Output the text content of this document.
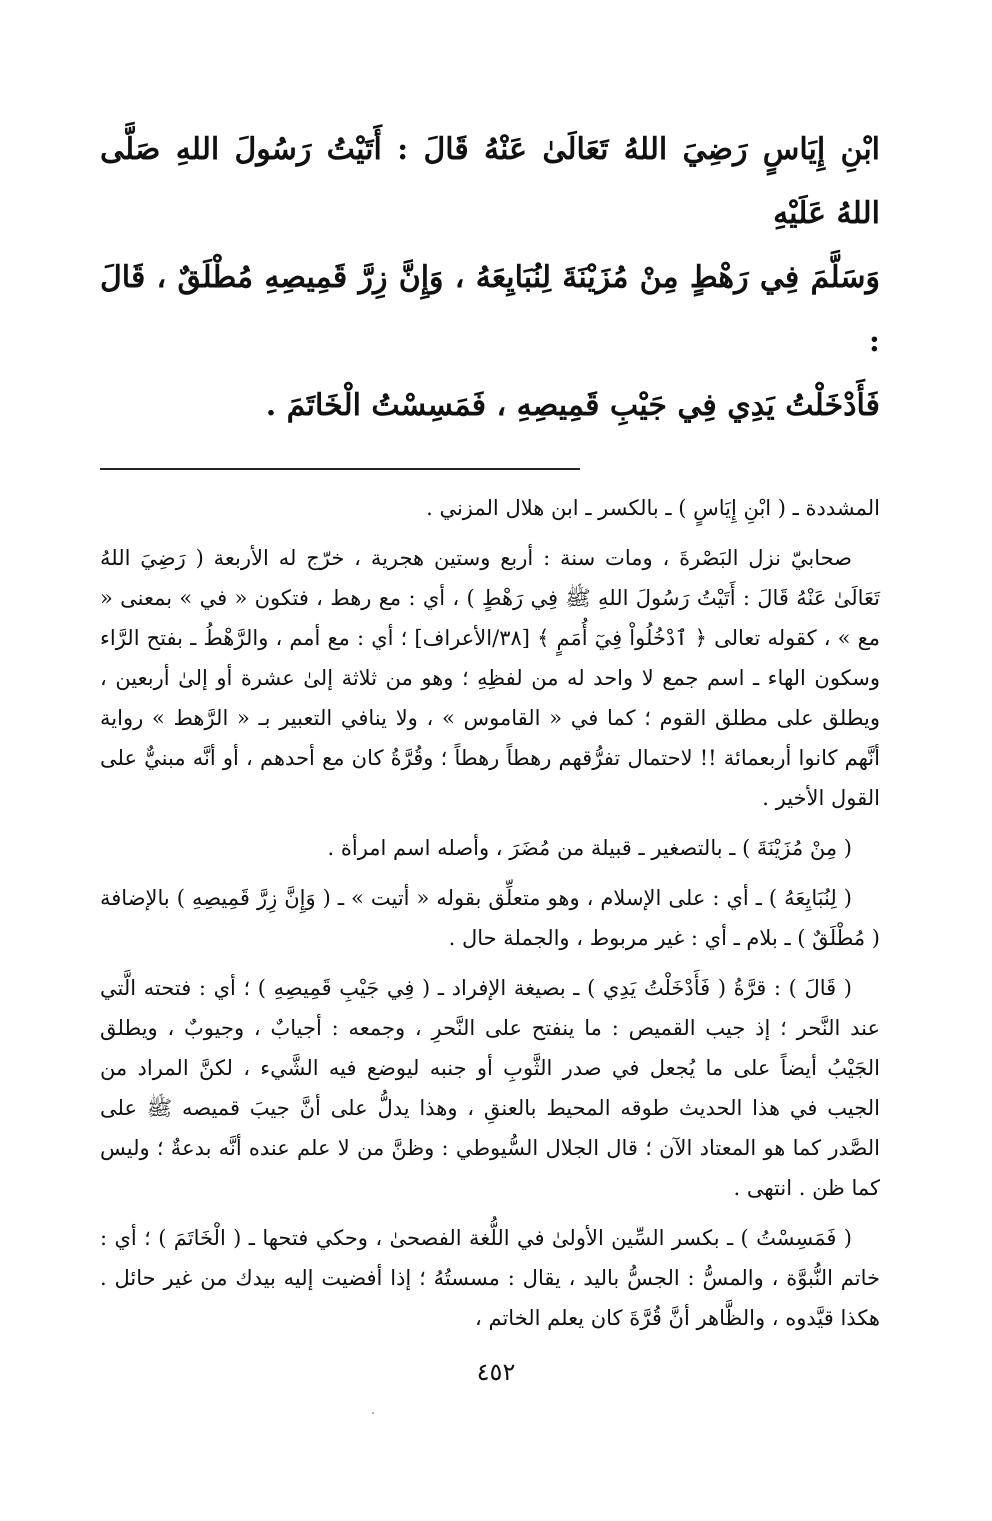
ابْنِ إِيَاسٍ رَضِيَ اللهُ تَعَالَىٰ عَنْهُ قَالَ : أَتَيْتُ رَسُولَ اللهِ صَلَّى اللهُ عَلَيْهِ

وَسَلَّمَ فِي رَهْطٍ مِنْ مُزَيْنَةَ لِنُبَايِعَهُ ، وَإِنَّ زِرَّ قَمِيصِهِ مُطْلَقٌ ، قَالَ :

فَأَدْخَلْتُ يَدِي فِي جَيْبِ قَمِيصِهِ ، فَمَسِسْتُ الْخَاتَمَ .

المشددة ـ ( ابْنِ إِيَاسٍ ) ـ بالكسر ـ ابن هلال المزني .

صحابيّ نزل البَصْرةَ ، ومات سنة : أربع وستين هجرية ، خرّج له الأربعة ( رَضِيَ اللهُ تَعَالَىٰ عَنْهُ قَالَ : أَتَيْتُ رَسُولَ اللهِ ﷺ فِي رَهْطٍ ) ، أي : مع رهط ، فتكون « في » بمعنى « مع » ، كقوله تعالى ﴿ ٱدْخُلُواْ فِيٓ أُمَمٍ ﴾ [٣٨/الأعراف] ؛ أي : مع أمم ، والرَّهْطُ ـ بفتح الرَّاء وسكون الهاء ـ اسم جمع لا واحد له من لفظِهِ ؛ وهو من ثلاثة إلىٰ عشرة أو إلىٰ أربعين ، ويطلق على مطلق القوم ؛ كما في « القاموس » ، ولا ينافي التعبير بـ « الرَّهط » رواية أنَّهم كانوا أربعمائة !! لاحتمال تفرُّقهم رهطاً رهطاً ؛ وقُرَّةُ كان مع أحدهم ، أو أنَّه مبنيٌّ على القول الأخير .

( مِنْ مُزَيْنَةَ ) ـ بالتصغير ـ قبيلة من مُضَرَ ، وأصله اسم امرأة .

( لِنُبَايِعَهُ ) ـ أي : على الإسلام ، وهو متعلِّق بقوله « أتيت » ـ ( وَإِنَّ زِرَّ قَمِيصِهِ ) بالإضافة ( مُطْلَقٌ ) ـ بلام ـ أي : غير مربوط ، والجملة حال .

( قَالَ ) : قرَّةُ ( فَأَدْخَلْتُ يَدِي ) ـ بصيغة الإفراد ـ ( فِي جَيْبِ قَمِيصِهِ ) ؛ أي : فتحته الَّتي عند النَّحر ؛ إذ جيب القميص : ما ينفتح على النَّحرِ ، وجمعه : أجيابٌ ، وجيوبٌ ، ويطلق الجَيْبُ أيضاً على ما يُجعل في صدر الثَّوبِ أو جنبه ليوضع فيه الشَّيء ، لكنَّ المراد من الجيب في هذا الحديث طوقه المحيط بالعنقِ ، وهذا يدلُّ على أنَّ جيبَ قميصه ﷺ على الصَّدر كما هو المعتاد الآن ؛ قال الجلال السُّيوطي : وظنَّ من لا علم عنده أنَّه بدعةٌ ؛ وليس كما ظن . انتهى .

( فَمَسِسْتُ ) ـ بكسر السِّين الأولىٰ في اللُّغة الفصحىٰ ، وحكي فتحها ـ ( الْخَاتَمَ ) ؛ أي : خاتم النُّبوَّة ، والمسُّ : الجسُّ باليد ، يقال : مسستُهُ ؛ إذا أفضيت إليه بيدك من غير حائل . هكذا قيَّدوه ، والظَّاهر أنَّ قُرَّةَ كان يعلم الخاتم ،

٤٥٢
